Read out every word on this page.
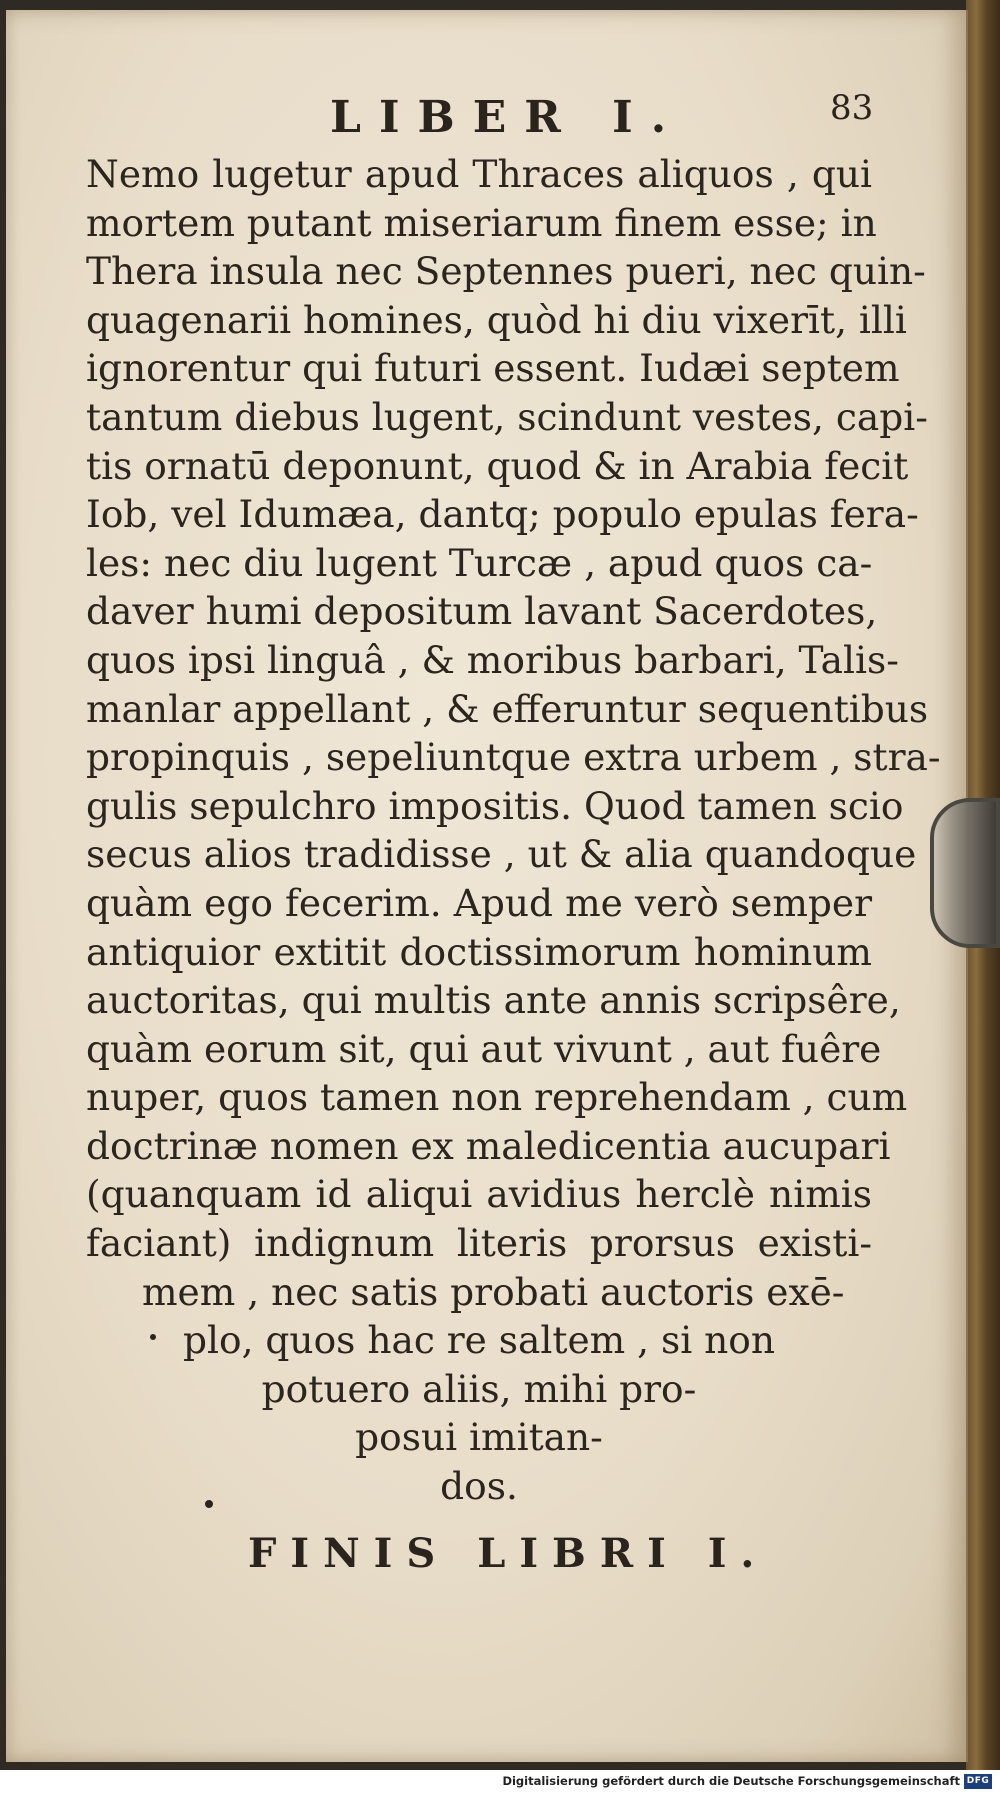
LIBER I.	83
Nemo lugetur apud Thraces aliquos , qui
mortem putant miseriarum finem esse; in
Thera insula nec Septennes pueri, nec quin-
quagenarii homines, quòd hi diu vixerīt, illi
ignorentur qui futuri essent. Iudæi septem
tantum diebus lugent, scindunt vestes, capi-
tis ornatū deponunt, quod & in Arabia fecit
Iob, vel Idumæa, dantq; populo epulas fera-
les: nec diu lugent Turcæ , apud quos ca-
daver humi depositum lavant Sacerdotes,
quos ipsi linguâ , & moribus barbari, Talis-
manlar appellant , & efferuntur sequentibus
propinquis , sepeliuntque extra urbem , stra-
gulis sepulchro impositis. Quod tamen scio
secus alios tradidisse , ut & alia quandoque
quàm ego fecerim. Apud me verò semper
antiquior extitit doctissimorum hominum
auctoritas, qui multis ante annis scripsêre,
quàm eorum sit, qui aut vivunt , aut fuêre
nuper, quos tamen non reprehendam , cum
doctrinæ nomen ex maledicentia aucupari
(quanquam id aliqui avidius herclè nimis
faciant) indignum literis prorsus existi-
mem , nec satis probati auctoris exē-
plo, quos hac re saltem , si non
potuero aliis, mihi pro-
posui imitan-
dos.
FINIS LIBRI I.
Digitalisierung gefördert durch die Deutsche Forschungsgemeinschaft DFG
